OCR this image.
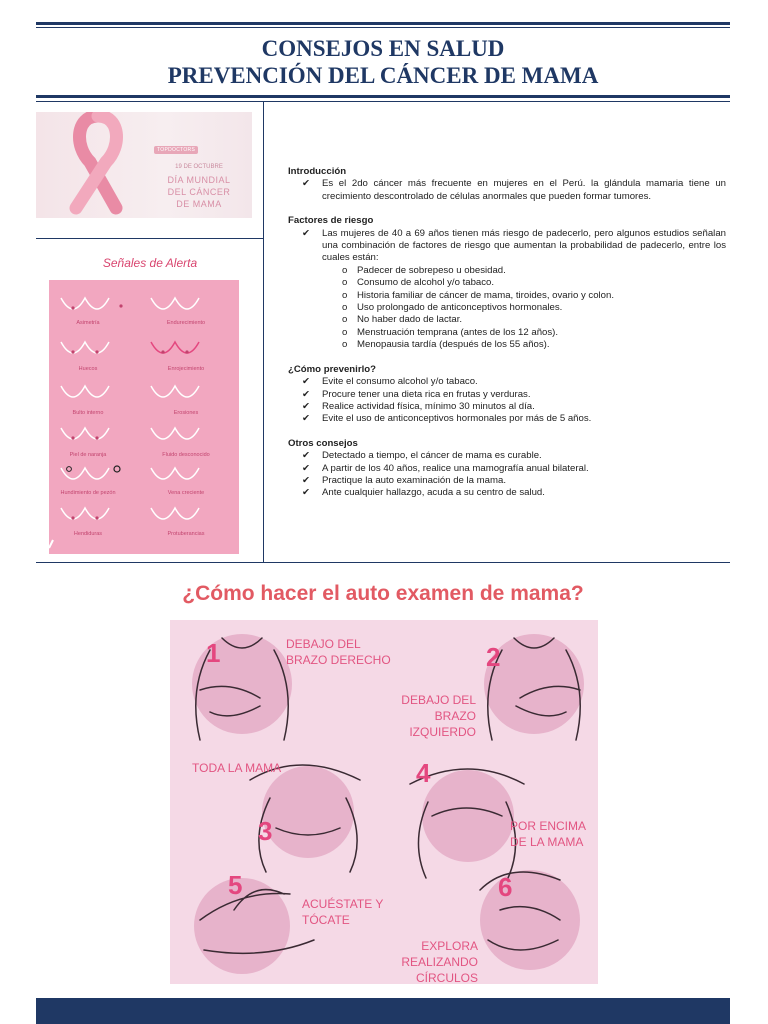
CONSEJOS EN SALUD
PREVENCIÓN DEL CÁNCER DE MAMA
TOPDOCTORS
19 DE OCTUBRE
DÍA MUNDIAL
DEL CÁNCER
DE MAMA
Señales de Alerta
Asimetría	Endurecimiento
Huecos	Enrojecimiento
Bulto interno	Erosiones
Piel de naranja	Fluido desconocido
Hundimiento de pezón	Vena creciente
Hendiduras	Protuberancias
Introducción
✔ Es el 2do cáncer más frecuente en mujeres en el Perú. la glándula mamaria tiene un crecimiento descontrolado de células anormales que pueden formar tumores.
Factores de riesgo
✔ Las mujeres de 40 a 69 años tienen más riesgo de padecerlo, pero algunos estudios señalan una combinación de factores de riesgo que aumentan la probabilidad de padecerlo, entre los cuales están:
o Padecer de sobrepeso u obesidad.
o Consumo de alcohol y/o tabaco.
o Historia familiar de cáncer de mama, tiroides, ovario y colon.
o Uso prolongado de anticonceptivos hormonales.
o No haber dado de lactar.
o Menstruación temprana (antes de los 12 años).
o Menopausia tardía (después de los 55 años).
¿Cómo prevenirlo?
✔ Evite el consumo alcohol y/o tabaco.
✔ Procure tener una dieta rica en frutas y verduras.
✔ Realice actividad física, mínimo 30 minutos al día.
✔ Evite el uso de anticonceptivos hormonales por más de 5 años.
Otros consejos
✔ Detectado a tiempo, el cáncer de mama es curable.
✔ A partir de los 40 años, realice una mamografía anual bilateral.
✔ Practique la auto examinación de la mama.
✔ Ante cualquier hallazgo, acuda a su centro de salud.
¿Cómo hacer el auto examen de mama?
1	DEBAJO DEL
BRAZO DERECHO	2
DEBAJO DEL
BRAZO IZQUIERDO
3
TODA LA MAMA	4
POR ENCIMA
DE LA MAMA
5
ACUÉSTATE Y
TÓCATE
6
EXPLORA REALIZANDO
CÍRCULOS
